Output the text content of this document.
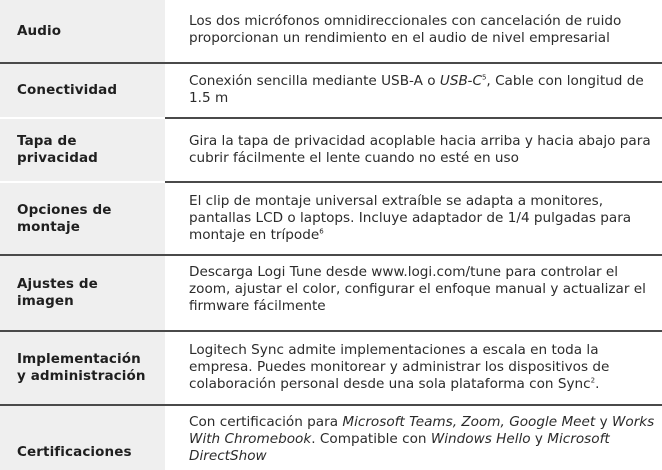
Audio
Los dos micrófonos omnidireccionales con cancelación de ruido
proporcionan un rendimiento en el audio de nivel empresarial
Conectividad
Conexión sencilla mediante USB-A o USB-$C^5$, Cable con longitud de
1.5 m
Tapa de
privacidad
Gira la tapa de privacidad acoplable hacia arriba y hacia abajo para
cubrir fácilmente el lente cuando no esté en uso
Opciones de
montaje
El clip de montaje universal extraíble se adapta a monitores,
pantallas LCD o laptops. Incluye adaptador de 1/4 pulgadas para
montaje en trípode$^6$
Ajustes de
imagen
Descarga Logi Tune desde www.logi.com/tune para controlar el
zoom, ajustar el color, configurar el enfoque manual y actualizar el
firmware fácilmente
Implementación
y administración
Logitech Sync admite implementaciones a escala en toda la
empresa. Puedes monitorear y administrar los dispositivos de
colaboración personal desde una sola plataforma con Sync$^2$.
Certificaciones
Con certificación para Microsoft Teams, Zoom, Google Meet y Works
With Chromebook. Compatible con Windows Hello y Microsoft
DirectShow
